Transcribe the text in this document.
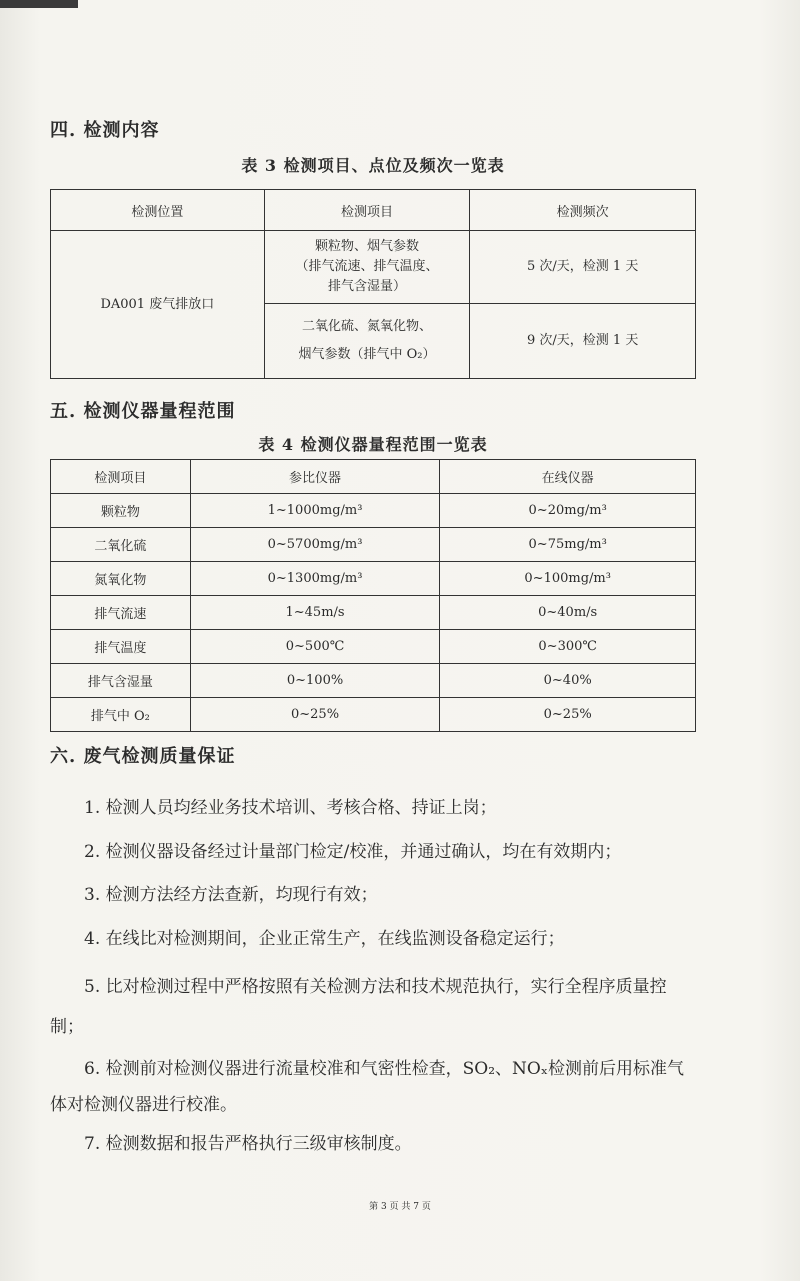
四. 检测内容
表 3 检测项目、点位及频次一览表
检测位置	检测项目	检测频次
DA001 废气排放口	颗粒物、烟气参数
（排气流速、排气温度、
排气含湿量）	5 次/天，检测 1 天

	二氧化硫、氮氧化物、
烟气参数（排气中 O₂）	9 次/天，检测 1 天
五. 检测仪器量程范围
表 4 检测仪器量程范围一览表
检测项目	参比仪器	在线仪器
颗粒物	1~1000mg/m³	0~20mg/m³
二氧化硫	0~5700mg/m³	0~75mg/m³
氮氧化物	0~1300mg/m³	0~100mg/m³
排气流速	1~45m/s	0~40m/s
排气温度	0~500℃	0~300℃
排气含湿量	0~100%	0~40%
排气中 O₂	0~25%	0~25%
六. 废气检测质量保证
1. 检测人员均经业务技术培训、考核合格、持证上岗；
2. 检测仪器设备经过计量部门检定/校准，并通过确认，均在有效期内；
3. 检测方法经方法查新，均现行有效；
4. 在线比对检测期间，企业正常生产，在线监测设备稳定运行；
5. 比对检测过程中严格按照有关检测方法和技术规范执行，实行全程序质量控制；
6. 检测前对检测仪器进行流量校准和气密性检查，SO₂、NOₓ检测前后用标准气体对检测仪器进行校准。
7. 检测数据和报告严格执行三级审核制度。
第 3 页 共 7 页
